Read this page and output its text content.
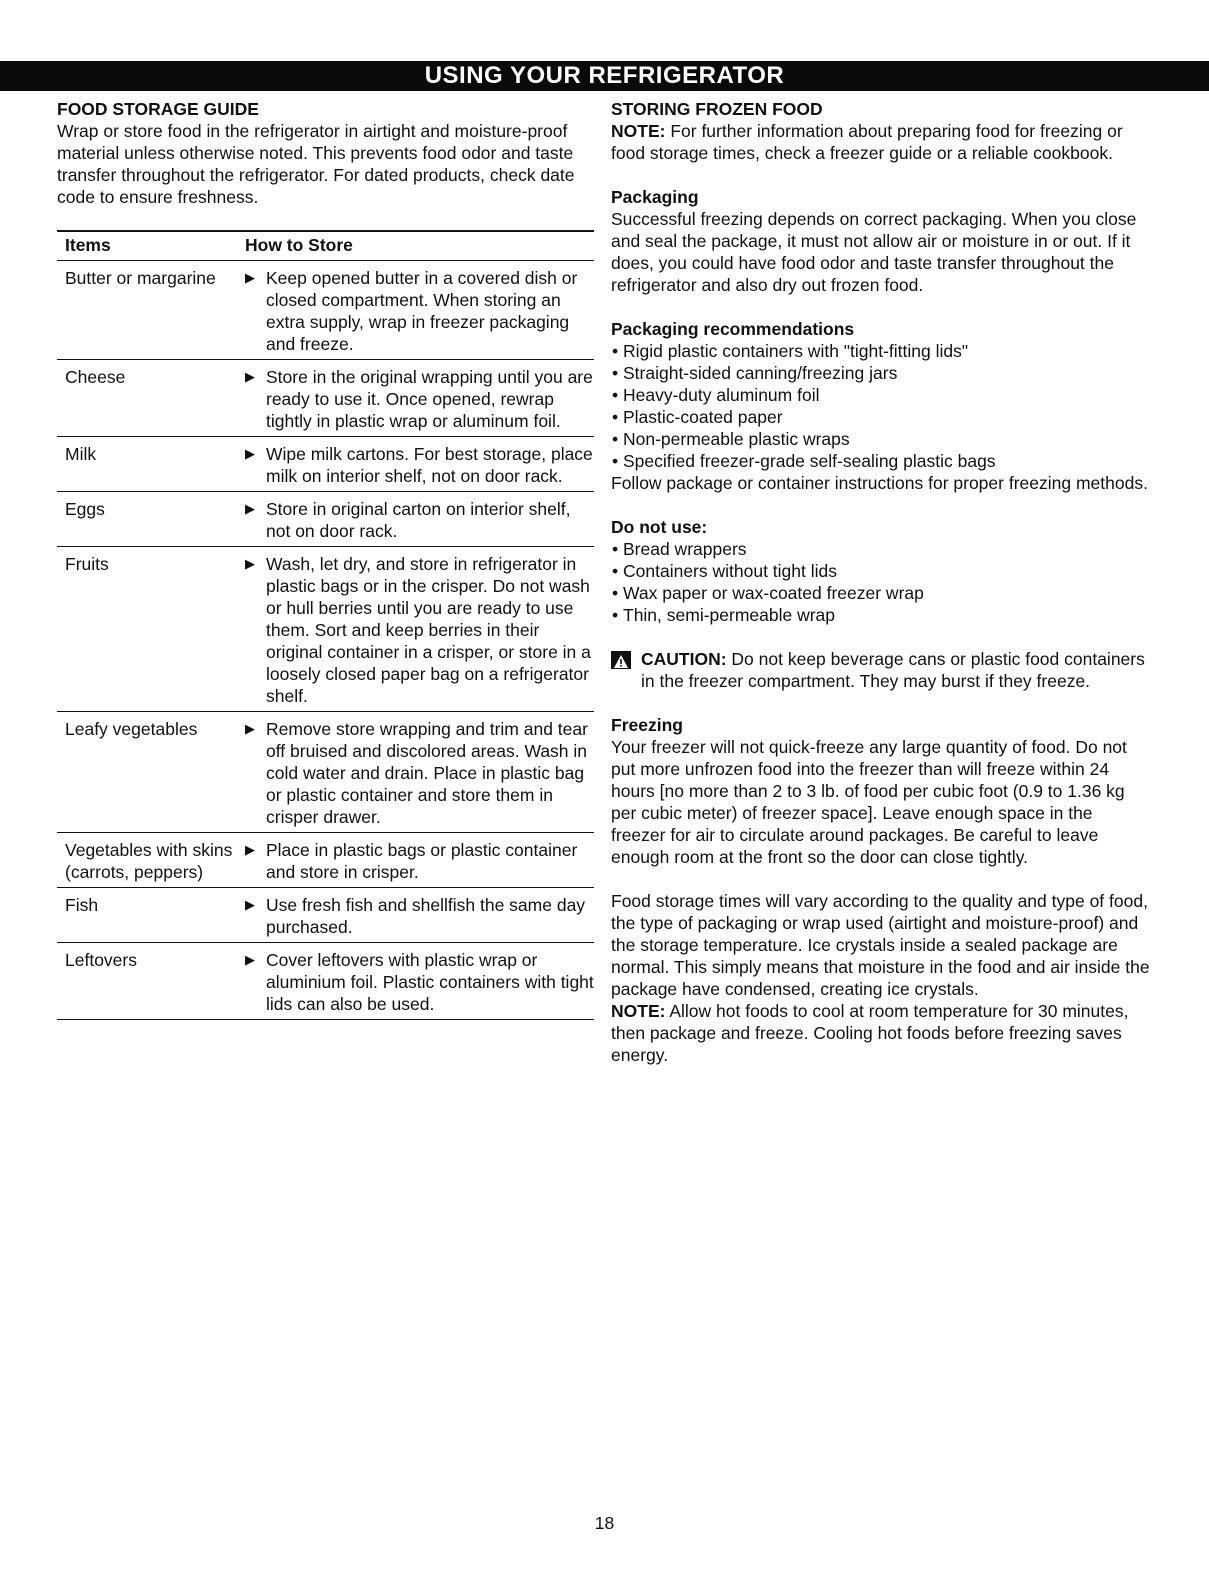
USING YOUR REFRIGERATOR
FOOD STORAGE GUIDE

Wrap or store food in the refrigerator in airtight and moisture-proof material unless otherwise noted. This prevents food odor and taste transfer throughout the refrigerator. For dated products, check date code to ensure freshness.

Items	How to Store
Butter or margarine	▶ Keep opened butter in a covered dish or closed compartment. When storing an extra supply, wrap in freezer packaging and freeze.

Cheese	▶ Store in the original wrapping until you are ready to use it. Once opened, rewrap tightly in plastic wrap or aluminum foil.

Milk	▶ Wipe milk cartons. For best storage, place milk on interior shelf, not on door rack.

Eggs	▶ Store in original carton on interior shelf, not on door rack.

Fruits	▶ Wash, let dry, and store in refrigerator in plastic bags or in the crisper. Do not wash or hull berries until you are ready to use them. Sort and keep berries in their original container in a crisper, or store in a loosely closed paper bag on a refrigerator shelf.

Leafy vegetables	▶ Remove store wrapping and trim and tear off bruised and discolored areas. Wash in cold water and drain. Place in plastic bag or plastic container and store them in crisper drawer.

Vegetables with skins (carrots, peppers)	▶ Place in plastic bags or plastic container and store in crisper.

Fish	▶ Use fresh fish and shellfish the same day purchased.

Leftovers	▶ Cover leftovers with plastic wrap or aluminium foil. Plastic containers with tight lids can also be used.
STORING FROZEN FOOD

NOTE: For further information about preparing food for freezing or food storage times, check a freezer guide or a reliable cookbook.

Packaging

Successful freezing depends on correct packaging. When you close and seal the package, it must not allow air or moisture in or out. If it does, you could have food odor and taste transfer throughout the refrigerator and also dry out frozen food.

Packaging recommendations
• Rigid plastic containers with "tight-fitting lids"
• Straight-sided canning/freezing jars
• Heavy-duty aluminum foil
• Plastic-coated paper
• Non-permeable plastic wraps
• Specified freezer-grade self-sealing plastic bags

Follow package or container instructions for proper freezing methods.

Do not use:
• Bread wrappers
• Containers without tight lids
• Wax paper or wax-coated freezer wrap
• Thin, semi-permeable wrap

CAUTION: Do not keep beverage cans or plastic food containers in the freezer compartment. They may burst if they freeze.

Freezing

Your freezer will not quick-freeze any large quantity of food. Do not put more unfrozen food into the freezer than will freeze within 24 hours [no more than 2 to 3 lb. of food per cubic foot (0.9 to 1.36 kg per cubic meter) of freezer space]. Leave enough space in the freezer for air to circulate around packages. Be careful to leave enough room at the front so the door can close tightly.

Food storage times will vary according to the quality and type of food, the type of packaging or wrap used (airtight and moisture-proof) and the storage temperature. Ice crystals inside a sealed package are normal. This simply means that moisture in the food and air inside the package have condensed, creating ice crystals.

NOTE: Allow hot foods to cool at room temperature for 30 minutes, then package and freeze. Cooling hot foods before freezing saves energy.

18
